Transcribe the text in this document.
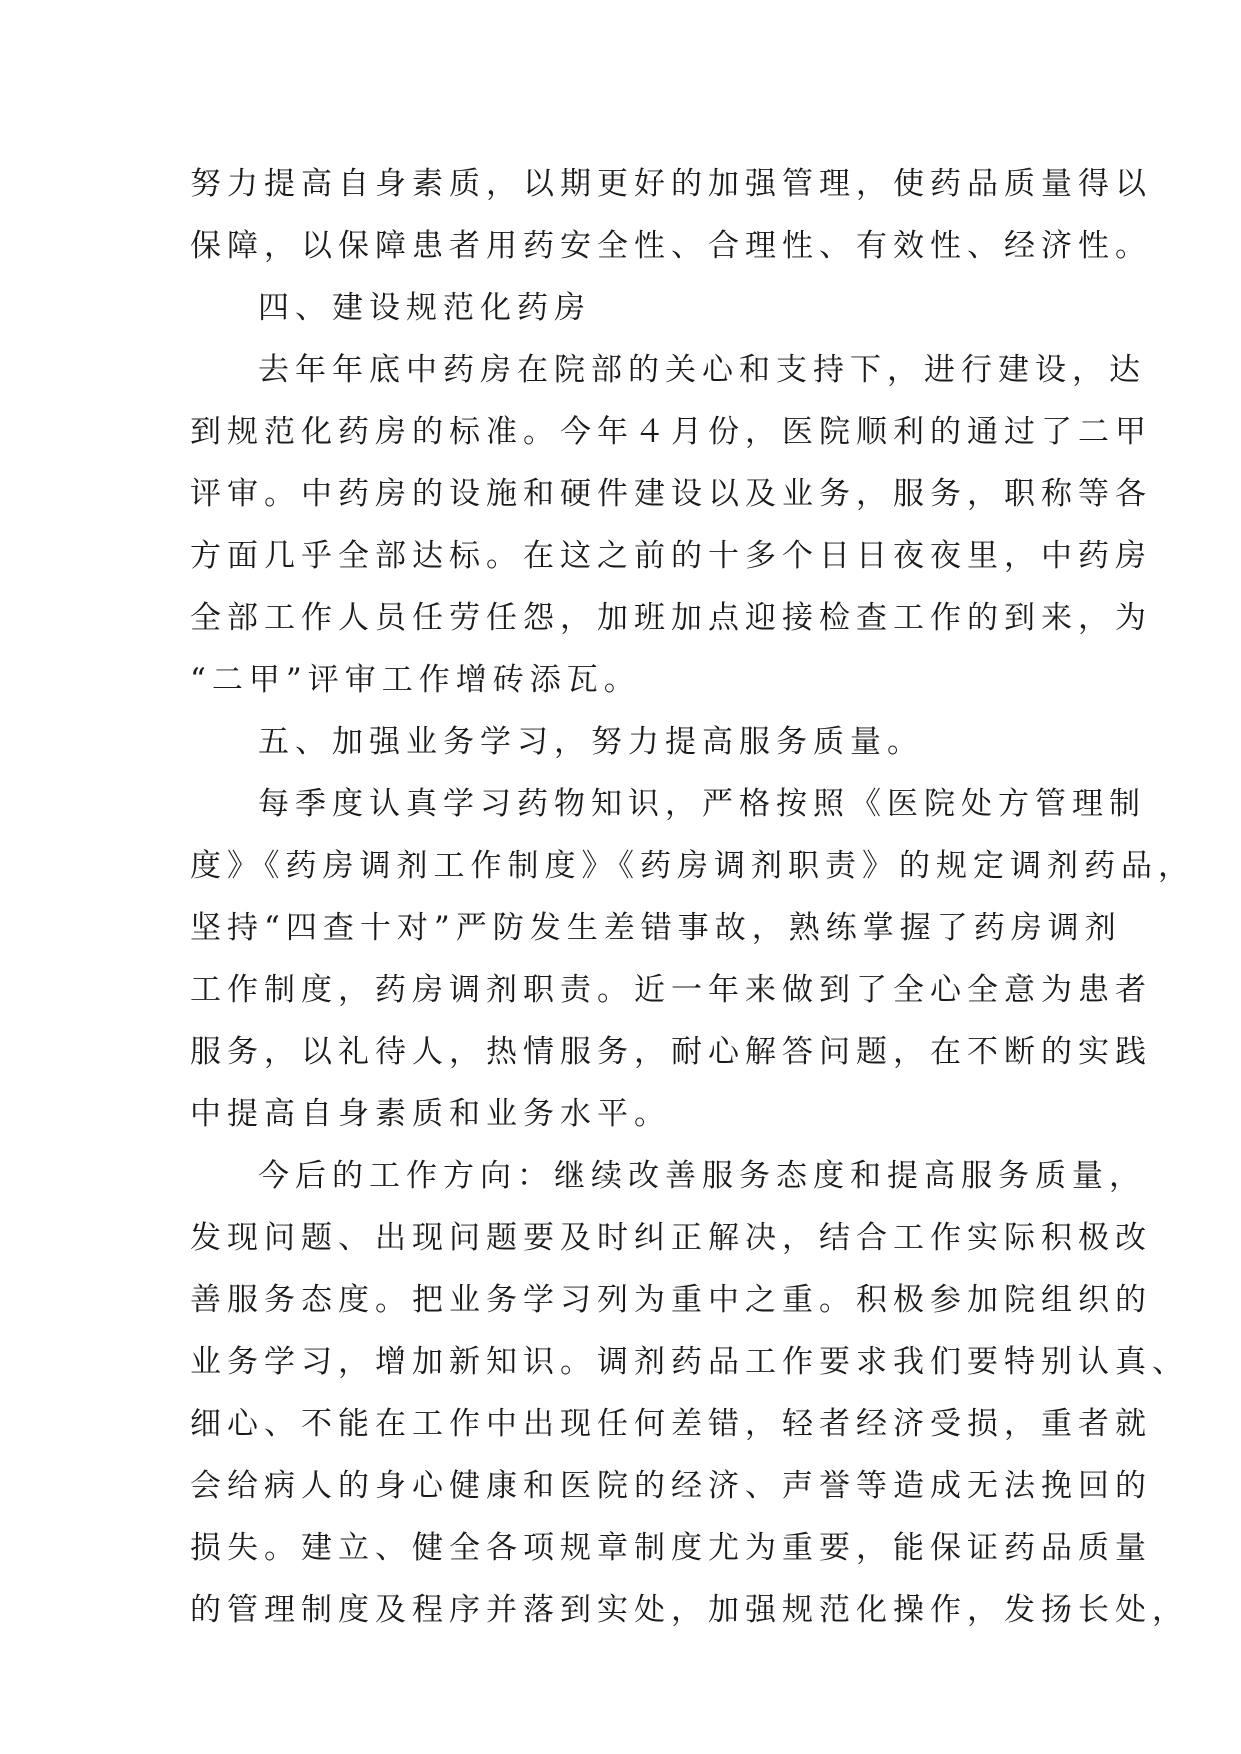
努力提高自身素质，以期更好的加强管理，使药品质量得以
保障，以保障患者用药安全性、合理性、有效性、经济性。
四、建设规范化药房
去年年底中药房在院部的关心和支持下，进行建设，达
到规范化药房的标准。今年４月份，医院顺利的通过了二甲
评审。中药房的设施和硬件建设以及业务，服务，职称等各
方面几乎全部达标。在这之前的十多个日日夜夜里，中药房
全部工作人员任劳任怨，加班加点迎接检查工作的到来，为
“二甲”评审工作增砖添瓦。
五、加强业务学习，努力提高服务质量。
每季度认真学习药物知识，严格按照《医院处方管理制
度》《药房调剂工作制度》《药房调剂职责》的规定调剂药品，
坚持“四查十对”严防发生差错事故，熟练掌握了药房调剂
工作制度，药房调剂职责。近一年来做到了全心全意为患者
服务，以礼待人，热情服务，耐心解答问题，在不断的实践
中提高自身素质和业务水平。
今后的工作方向：继续改善服务态度和提高服务质量，
发现问题、出现问题要及时纠正解决，结合工作实际积极改
善服务态度。把业务学习列为重中之重。积极参加院组织的
业务学习，增加新知识。调剂药品工作要求我们要特别认真、
细心、不能在工作中出现任何差错，轻者经济受损，重者就
会给病人的身心健康和医院的经济、声誉等造成无法挽回的
损失。建立、健全各项规章制度尤为重要，能保证药品质量
的管理制度及程序并落到实处，加强规范化操作，发扬长处，
